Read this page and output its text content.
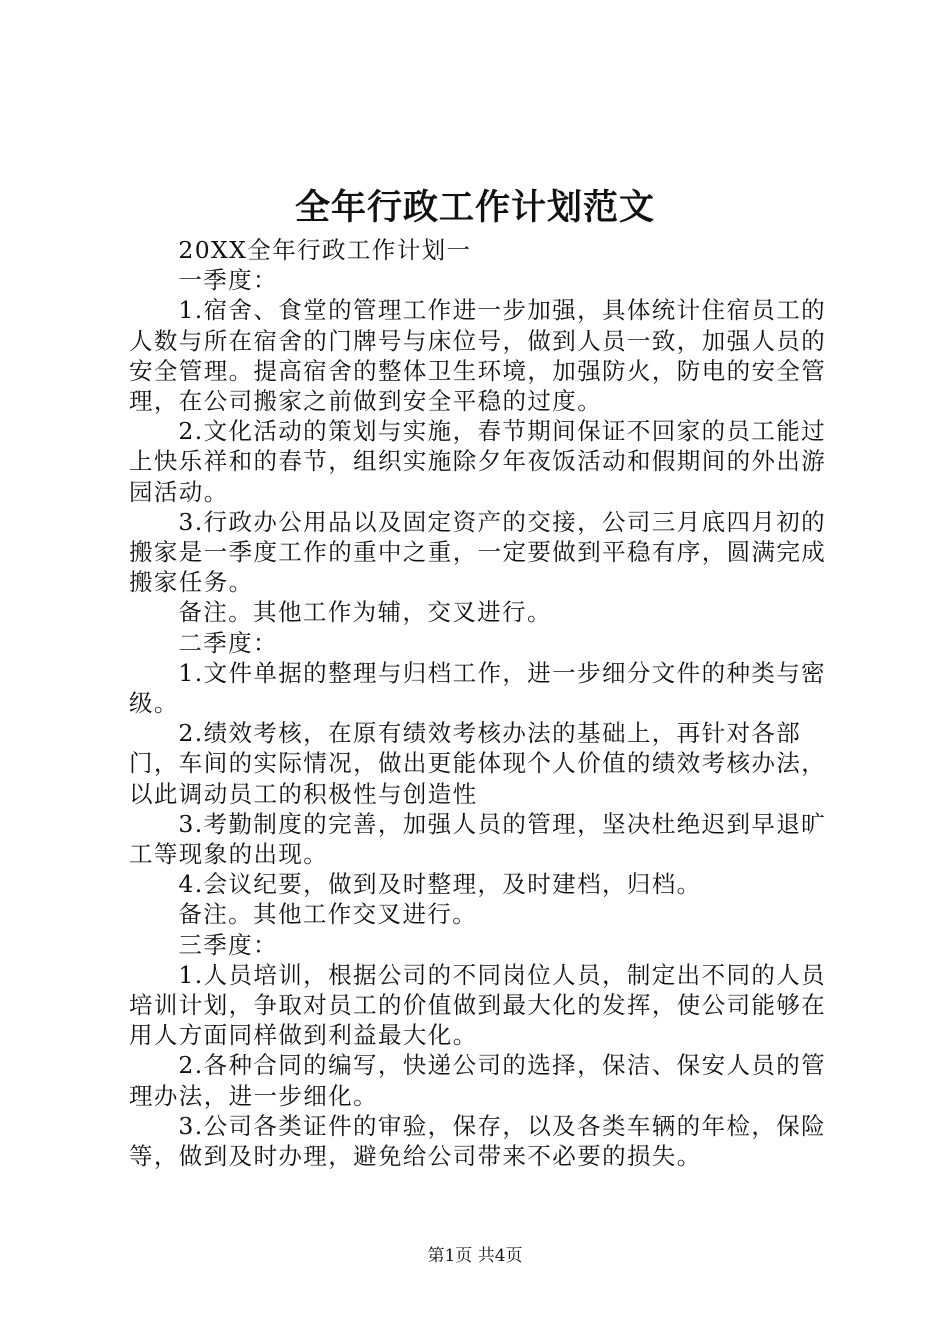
全年行政工作计划范文

20XX全年行政工作计划一

一季度：

1.宿舍、食堂的管理工作进一步加强，具体统计住宿员工的人数与所在宿舍的门牌号与床位号，做到人员一致，加强人员的安全管理。提高宿舍的整体卫生环境，加强防火，防电的安全管理，在公司搬家之前做到安全平稳的过度。

2.文化活动的策划与实施，春节期间保证不回家的员工能过上快乐祥和的春节，组织实施除夕年夜饭活动和假期间的外出游园活动。

3.行政办公用品以及固定资产的交接，公司三月底四月初的搬家是一季度工作的重中之重，一定要做到平稳有序，圆满完成搬家任务。

备注。其他工作为辅，交叉进行。

二季度：

1.文件单据的整理与归档工作，进一步细分文件的种类与密级。

2.绩效考核，在原有绩效考核办法的基础上，再针对各部门，车间的实际情况，做出更能体现个人价值的绩效考核办法，以此调动员工的积极性与创造性

3.考勤制度的完善，加强人员的管理，坚决杜绝迟到早退旷工等现象的出现。

4.会议纪要，做到及时整理，及时建档，归档。

备注。其他工作交叉进行。

三季度：

1.人员培训，根据公司的不同岗位人员，制定出不同的人员培训计划，争取对员工的价值做到最大化的发挥，使公司能够在用人方面同样做到利益最大化。

2.各种合同的编写，快递公司的选择，保洁、保安人员的管理办法，进一步细化。

3.公司各类证件的审验，保存，以及各类车辆的年检，保险等，做到及时办理，避免给公司带来不必要的损失。

第1页 共4页
